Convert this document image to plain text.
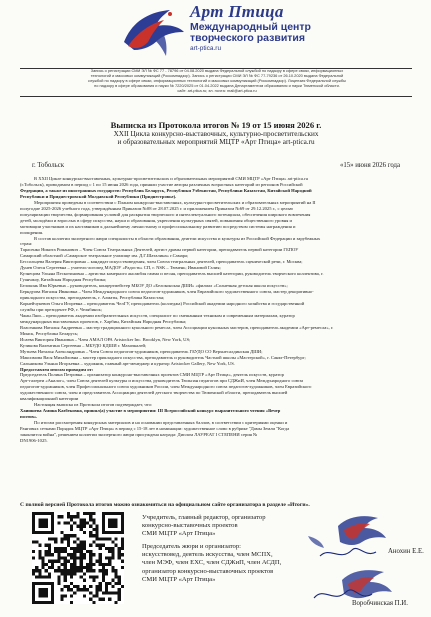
Арт Птица
Международный центр
творческого развития
art-ptica.ru
Запись о регистрации СМИ ЭЛ № ФС 77 - 78796 от 04.08.2020 выдана Федеральной службой по надзору в сфере связи, информационных
технологий и массовых коммуникаций (Роскомнадзор). Запись о регистрации СМИ ЭЛ № ФС 77-79236 от 26.10.2020 выдана Федеральной
службой по надзору в сфере связи, информационных технологий и массовых коммуникаций (Роскомнадзор). Лицензия Федеральной службы
по надзору в сфере образования и науки № 7220/2025 от 01.04.2022 выдана Департаментом образования и науки Тюменской области.
сайт: art-ptica.ru; эл. почта: mail@art-ptica.ru
Выписка из Протокола итогов № 19 от 15 июня 2026 г.
XXII Цикла конкурсно-выставочных, культурно-просветительских
и образовательных мероприятий МЦТР «Арт Птица» art-ptica.ru
г. Тобольск	«15» июня 2026 года
В XXII Цикле конкурсно-выставочных, культурно-просветительских и образовательных мероприятий СМИ МЦТР «Арт Птица» art-ptica.ru
(г.Тобольск), проводимом в период с 1 по 15 июня 2026 года, приняли участие авторы различных возрастных категорий из регионов Российской
Федерации, а также из иностранных государств: Республик Беларусь, Республики Узбекистан, Республики Казахстан, Китайской Народной
Республики и Приднестровской Молдавской Республики (Приднестровье).
Мероприятия проведены в соответствии с Планом конкурсно-выставочных, культурно-просветительских и образовательных мероприятий на II
полугодие 2025-2026 учебного года, утверждённым Приказом №08 от 28.07.2025 г. и приложением Приказом №69 от 29.12.2025 г., с целью
популяризации творчества, формирования условий для раскрытия творческого и интеллектуального потенциала, обеспечения широкого вовлечения
детей, молодёжи и взрослых в сферу искусства, науки и образования, укрепления культурных связей, повышения общественного уровня и
мотивации участников и их наставников к дальнейшему личностному и профессиональному развитию посредством системы награждения и
поощрения.
В состав коллегии экспертного жюри специалисты в области образования, деятели искусства и культуры из Российской Федерации и зарубежных
стран:
Тарасенко Никита Романович – Член Союза Театральных Деятелей, артист драмы первой категории, преподаватель первой категории ГБПОУ
Самарский областной «Самарское театральное училище им. Д.Г.Шаталина» г.Самара;
Бессольцева Валерия Викторовна – кандидат искусствоведения, член Союза театральных деятелей, преподаватель сценической речи, г. Москва;
Дунев Олеся Сергеевна – учитель-логопед МАДОУ «Радость» СП, г. NSK – Тюмень; Ивановой Галия;
Кузнецова Ульяна Пескотиновна – артистка камерного ансамбля гамма и песня, преподаватель высшей категории, руководитель творческого коллектива, г.
Гуанчжоу, Китайская Народная Республика;
Белоконь Ива Юрьевна – руководитель, концертмейстер МБОУ ДО «Белоконская ДШИ» «филиал «Солнечная детская школа искусств»;
Берндуова Наталья Ивановна – Член Международного союза педагогов-художников, член Евразийского художественного союза, мастер декоративно-
прикладного искусства, преподаватель, г. Алматы, Республика Казахстан;
Корнейчукевич Ольга Игоревна – преподаватель ЧелГУ, преподаватель (колледжа) Российской академии народного хозяйства и государственной
службы при президенте РФ, г. Челябинск;
Чжан Ляоь – преподаватель академии изобразительных искусств, специалист по смешанным техникам и современным материалам, куратор
международных выставочных проектов, г. Харбин, Китайская Народная Республика;
Власенкова Наталья Андреевна – мастер традиционного кукольного ремесла, член Ассоциации кукольных мастеров, преподаватель академии «Арт-ремесла», г.
Минск, Республика Беларусь;
Исаева Виктория Ивановна – Член АМАЛ ОРА Artstocker Inc. Brooklyn, New York, US;
Кузикова Валентина Сергеевна – МБУДО КДШИ г. Махачкалей;
Мутьева Наталья Александровна – Член Союза педагогов-художников, преподаватель ГБУДО СО Верхнесалдинская ДШИ;
Максимова Вася Михайловна – мастер прикладного искусства, преподаватель и руководитель Частной школы «Мастерской», г. Санкт-Петербург;
Сальникова Ульяна Игорьевна – художник, главный арт-менеджер и куратор Artstocker Gallery, New York, US.
Предоставлен итогам проводим от:
Председатель Полина Петровна – организатор конкурсно-выставочных проектов СМИ МЦТР «Арт Птица», деятель искусств, куратор
Арт-галереи «Аналог», член Союза деятелей культуры и искусства, руководитель Тюльпан педагогов при СДЖиИ, член Международного союза
педагогов-художников, член Профессионального союза художников России, член Международного союза педагогов-художников, член Евразийского
художественного союза, член и представитель Ассоциации деятелей детского творчества по Тюменской области, преподаватель высшей
квалификационной категории
Настоящая выписка из Протокола итогов подтверждает, что:
Хаиишева Амина Казбековна, принял(а) участие в мероприятии: III Всероссийский конкурс выразительного чтения «Вечер
поэтов».
По итогам рассмотрения конкурсных материалов и на основании представленных баллов, в соответствии с критериями оценки и
Ранговых сетками Порядок МЦТР «Арт Птица» в период с 15-18 лет в номинации: художественное слово в рубрике "Дамы Земли "Когда
закончится война", решением коллегии экспертного жюри присуждена награда: Диплом ЛАУРЕАТ I СТЕПЕНИ серия №
DN1906-1025.
С полной версией Протокола итогов можно ознакомиться на официальном сайте организатора в разделе «Итоги».
Учредитель, главный редактор, организатор
конкурсно-выставочных проектов
СМИ МЦТР «Арт Птица»
Председатель жюри и организатор:
искусствовед, деятель искусства, член МСПХ,
член МЭФ, член ЕХС, член СДЖиП, член АСДП,
организатор конкурсно-выставочных проектов
СМИ МЦТР «Арт Птица»
Анохин Е.Е.
Воробчинская П.И.
